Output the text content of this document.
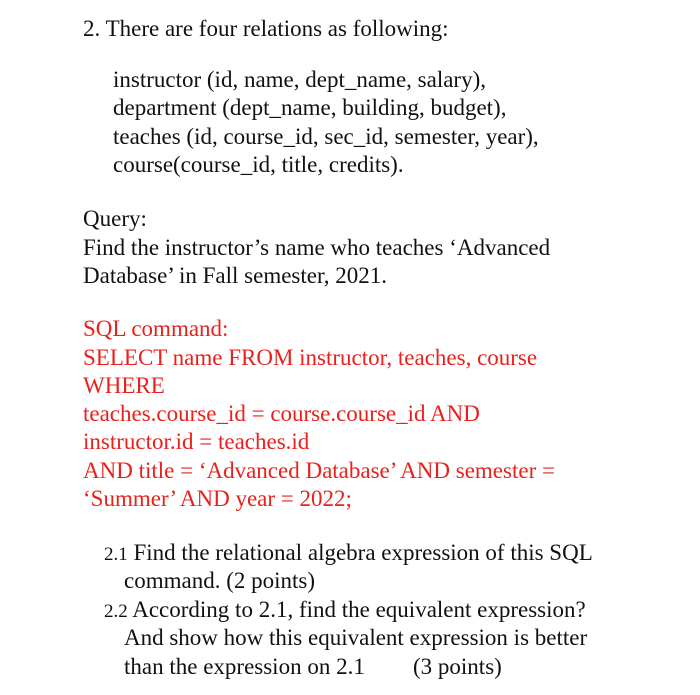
2. There are four relations as following:
instructor (id, name, dept_name, salary),
department (dept_name, building, budget),
teaches (id, course_id, sec_id, semester, year),
course(course_id, title, credits).
Query:
Find the instructor’s name who teaches ‘Advanced
Database’ in Fall semester, 2021.
SQL command:
SELECT name FROM instructor, teaches, course
WHERE
teaches.course_id = course.course_id AND
instructor.id = teaches.id
AND title = ‘Advanced Database’ AND semester =
‘Summer’ AND year = 2022;
2.1 Find the relational algebra expression of this SQL
command. (2 points)
2.2 According to 2.1, find the equivalent expression?
And show how this equivalent expression is better
than the expression on 2.1 (3 points)
